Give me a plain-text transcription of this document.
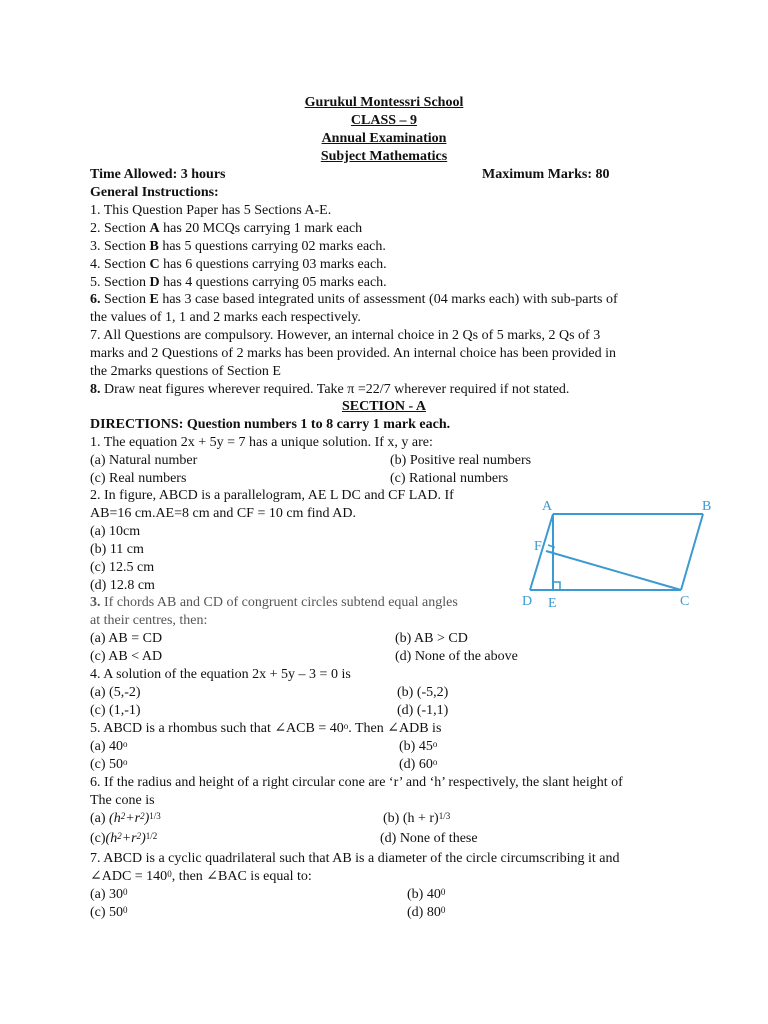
Gurukul Montessri School
CLASS – 9
Annual Examination
Subject Mathematics
Time Allowed: 3 hours	Maximum Marks: 80
General Instructions:
1. This Question Paper has 5 Sections A-E.
2. Section A has 20 MCQs carrying 1 mark each
3. Section B has 5 questions carrying 02 marks each.
4. Section C has 6 questions carrying 03 marks each.
5. Section D has 4 questions carrying 05 marks each.
6. Section E has 3 case based integrated units of assessment (04 marks each) with sub-parts of
the values of 1, 1 and 2 marks each respectively.
7. All Questions are compulsory. However, an internal choice in 2 Qs of 5 marks, 2 Qs of 3
marks and 2 Questions of 2 marks has been provided. An internal choice has been provided in
the 2marks questions of Section E
8. Draw neat figures wherever required. Take π =22/7 wherever required if not stated.
SECTION - A
DIRECTIONS: Question numbers 1 to 8 carry 1 mark each.
1. The equation 2x + 5y = 7 has a unique solution. If x, y are:
(a) Natural number	(b) Positive real numbers
(c) Real numbers	(c) Rational numbers
2. In figure, ABCD is a parallelogram, AE L DC and CF LAD. If
AB=16 cm.AE=8 cm and CF = 10 cm find AD.
(a) 10cm
(b) 11 cm
(c) 12.5 cm
(d) 12.8 cm
A	B
C
D E
F
3. If chords AB and CD of congruent circles subtend equal angles
at their centres, then:
(a) AB = CD	(b) AB > CD
(c) AB < AD	(d) None of the above
4. A solution of the equation 2x + 5y – 3 = 0 is
(a) (5,-2)	(b) (-5,2)
(c) (1,-1)	(d) (-1,1)
5. ABCD is a rhombus such that ∠ACB = $40^o$. Then ∠ADB is
(a) 40$^o$	(b) 45$^o$
(c) 50$^o$	(d) 60$^o$
6. If the radius and height of a right circular cone are ‘r’ and ‘h’ respectively, the slant height of
The cone is
(a) $(h^2+r^2)^{1/3}$	(b) $(h + r)^{1/3}$
$(c)(h^2+r^2)^{1/2}$	(d) None of these
7. ABCD is a cyclic quadrilateral such that AB is a diameter of the circle circumscribing it and
∠ADC = $140^0$, then ∠BAC is equal to:
(a) $30^0$	(b) $40^0$
(c) $50^0$	(d) $80^0$
